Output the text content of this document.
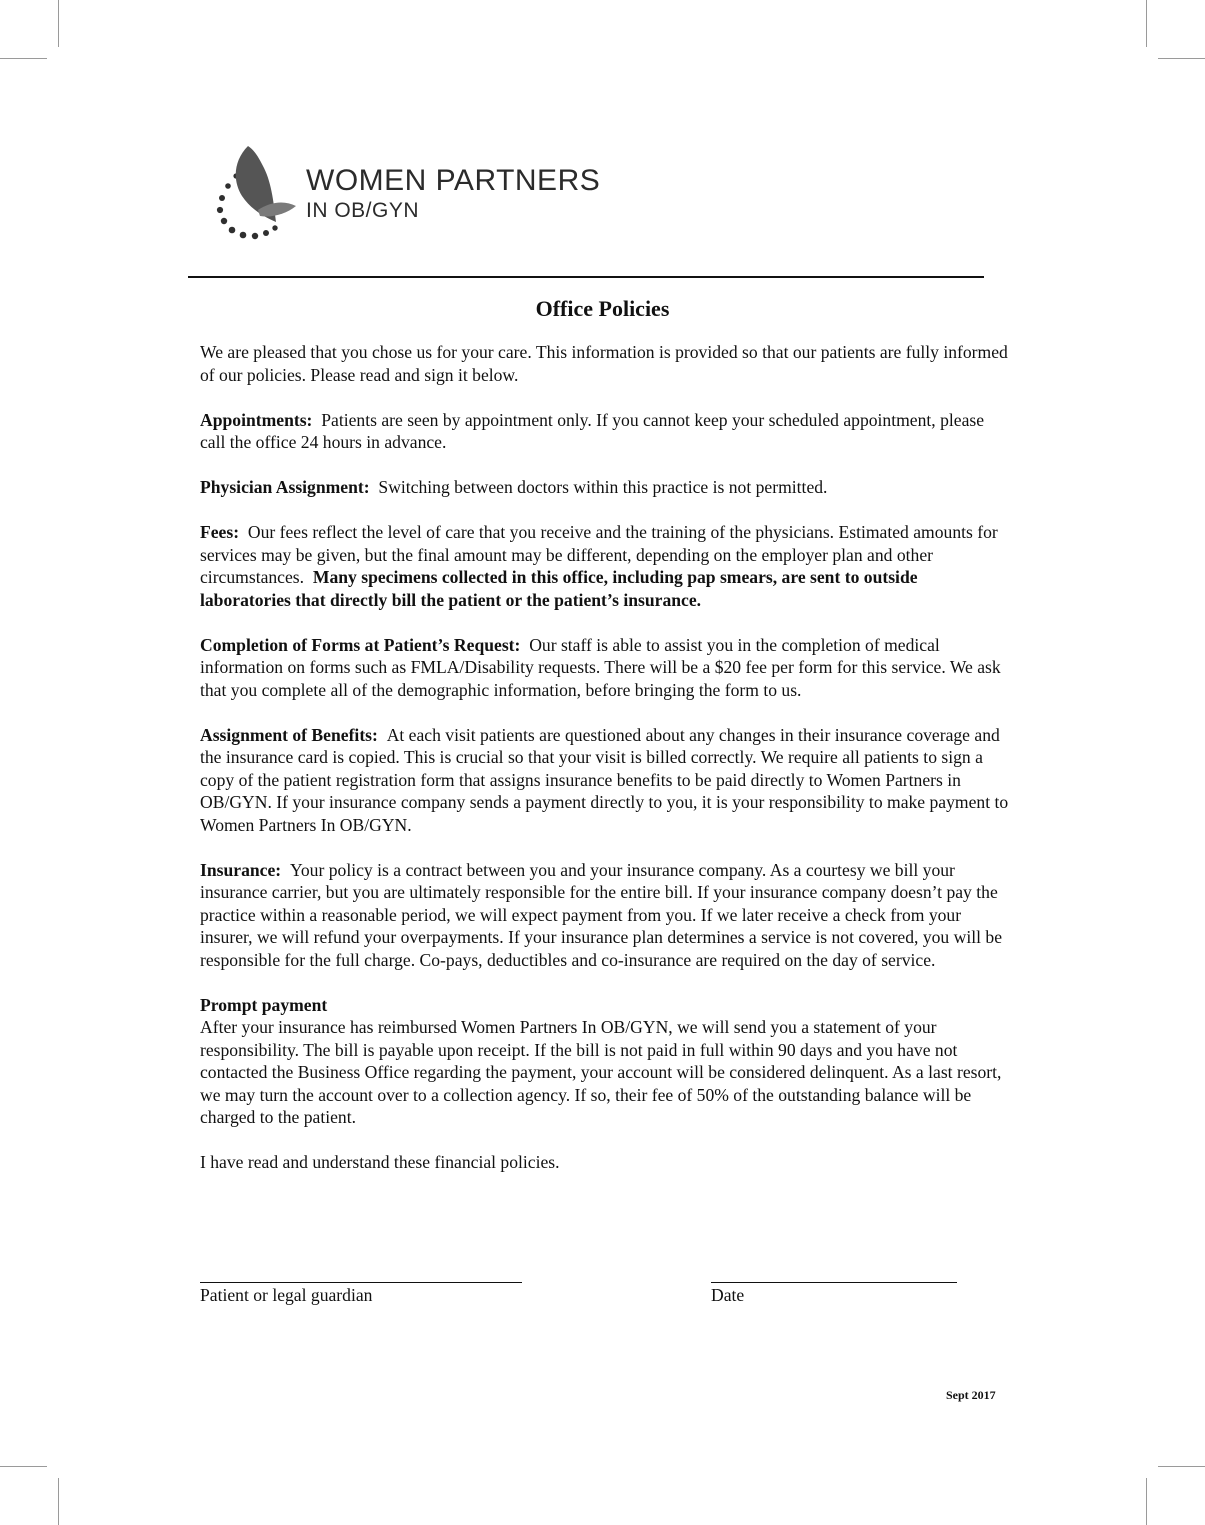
WOMEN PARTNERS
IN OB/GYN
Office Policies

We are pleased that you chose us for your care. This information is provided so that our patients are fully informed of our policies. Please read and sign it below.

Appointments: Patients are seen by appointment only. If you cannot keep your scheduled appointment, please call the office 24 hours in advance.

Physician Assignment: Switching between doctors within this practice is not permitted.

Fees: Our fees reflect the level of care that you receive and the training of the physicians. Estimated amounts for services may be given, but the final amount may be different, depending on the employer plan and other circumstances. Many specimens collected in this office, including pap smears, are sent to outside laboratories that directly bill the patient or the patient’s insurance.

Completion of Forms at Patient’s Request: Our staff is able to assist you in the completion of medical information on forms such as FMLA/Disability requests. There will be a $20 fee per form for this service. We ask that you complete all of the demographic information, before bringing the form to us.

Assignment of Benefits: At each visit patients are questioned about any changes in their insurance coverage and the insurance card is copied. This is crucial so that your visit is billed correctly. We require all patients to sign a copy of the patient registration form that assigns insurance benefits to be paid directly to Women Partners in OB/GYN. If your insurance company sends a payment directly to you, it is your responsibility to make payment to Women Partners In OB/GYN.

Insurance: Your policy is a contract between you and your insurance company. As a courtesy we bill your insurance carrier, but you are ultimately responsible for the entire bill. If your insurance company doesn’t pay the practice within a reasonable period, we will expect payment from you. If we later receive a check from your insurer, we will refund your overpayments. If your insurance plan determines a service is not covered, you will be responsible for the full charge. Co-pays, deductibles and co-insurance are required on the day of service.

Prompt payment
After your insurance has reimbursed Women Partners In OB/GYN, we will send you a statement of your responsibility. The bill is payable upon receipt. If the bill is not paid in full within 90 days and you have not contacted the Business Office regarding the payment, your account will be considered delinquent. As a last resort, we may turn the account over to a collection agency. If so, their fee of 50% of the outstanding balance will be charged to the patient.

I have read and understand these financial policies.

Patient or legal guardian	Date
Sept 2017
